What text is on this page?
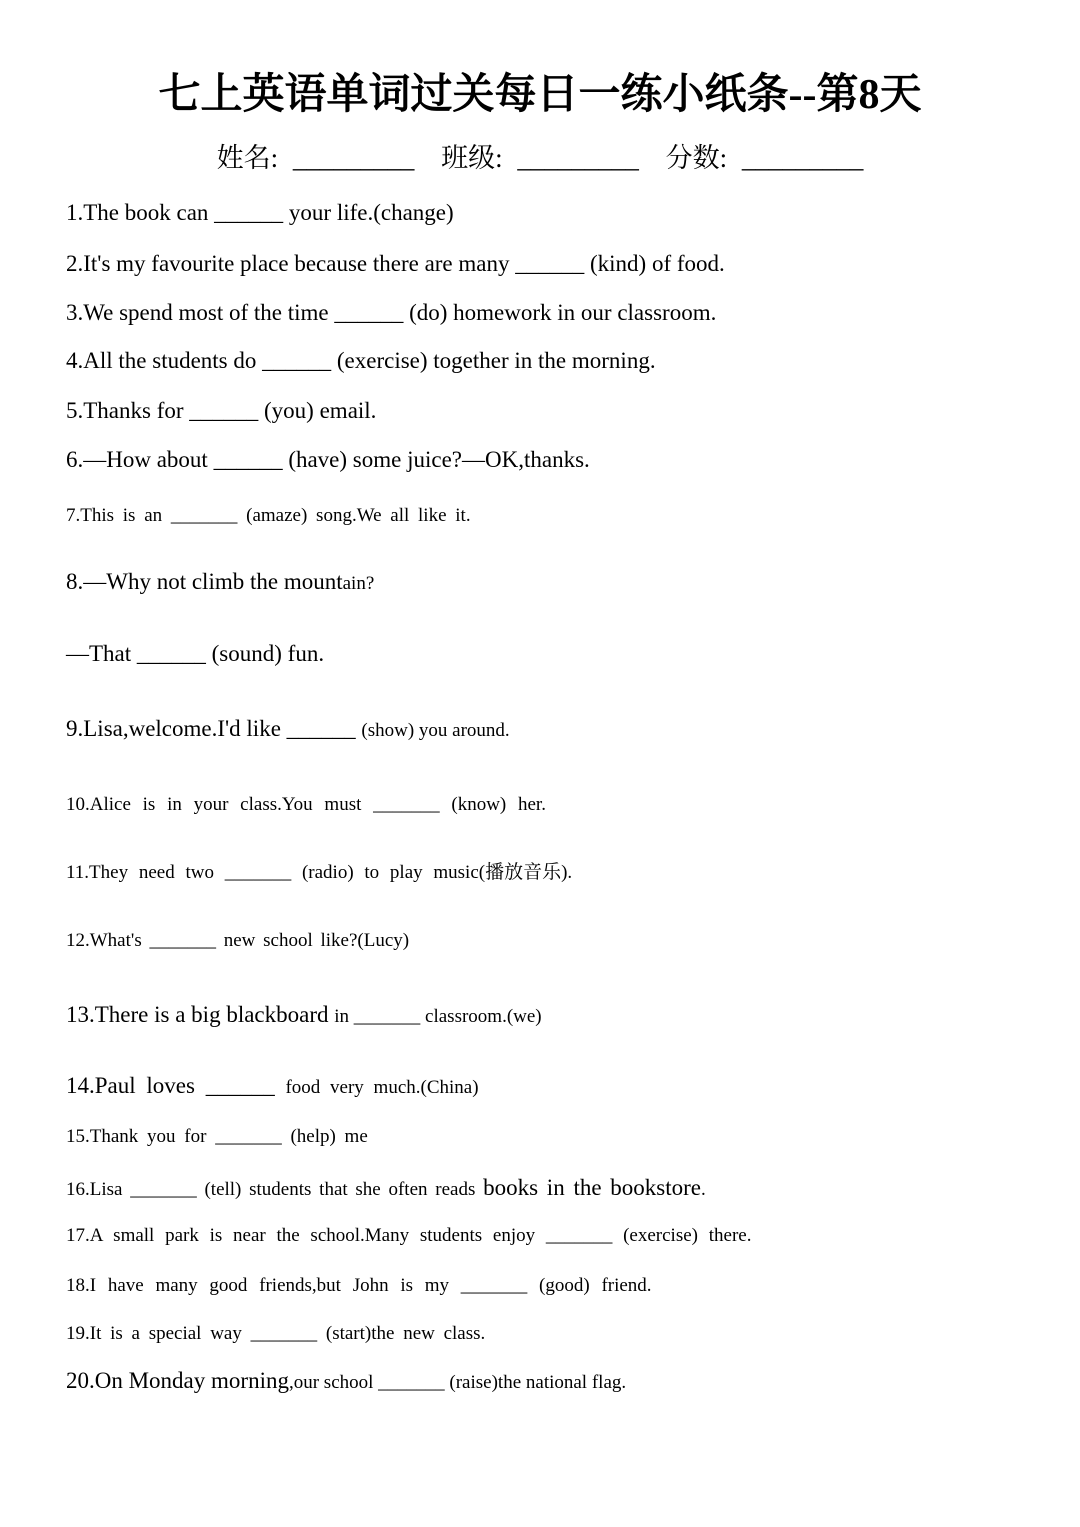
七上英语单词过关每日一练小纸条--第8天
姓名: _________ 班级: _________ 分数: _________
1.The book can ______ your life.(change)
2.It's my favourite place because there are many ______ (kind) of food.
3.We spend most of the time ______ (do) homework in our classroom.
4.All the students do ______ (exercise) together in the morning.
5.Thanks for ______ (you) email.
6.—How about ______ (have) some juice?—OK,thanks.
7.This is an _______ (amaze) song.We all like it.
8.—Why not climb the mountain?
—That ______ (sound) fun.
9.Lisa,welcome.I'd like ______ (show) you around.
10.Alice is in your class.You must _______ (know) her.
11.They need two _______ (radio) to play music(播放音乐).
12.What's _______ new school like?(Lucy)
13.There is a big blackboard in _______ classroom.(we)
14.Paul loves ______ food very much.(China)
15.Thank you for _______ (help) me
16.Lisa _______ (tell) students that she often reads books in the bookstore.
17.A small park is near the school.Many students enjoy _______ (exercise) there.
18.I have many good friends,but John is my _______ (good) friend.
19.It is a special way _______ (start)the new class.
20.On Monday morning,our school _______ (raise)the national flag.
